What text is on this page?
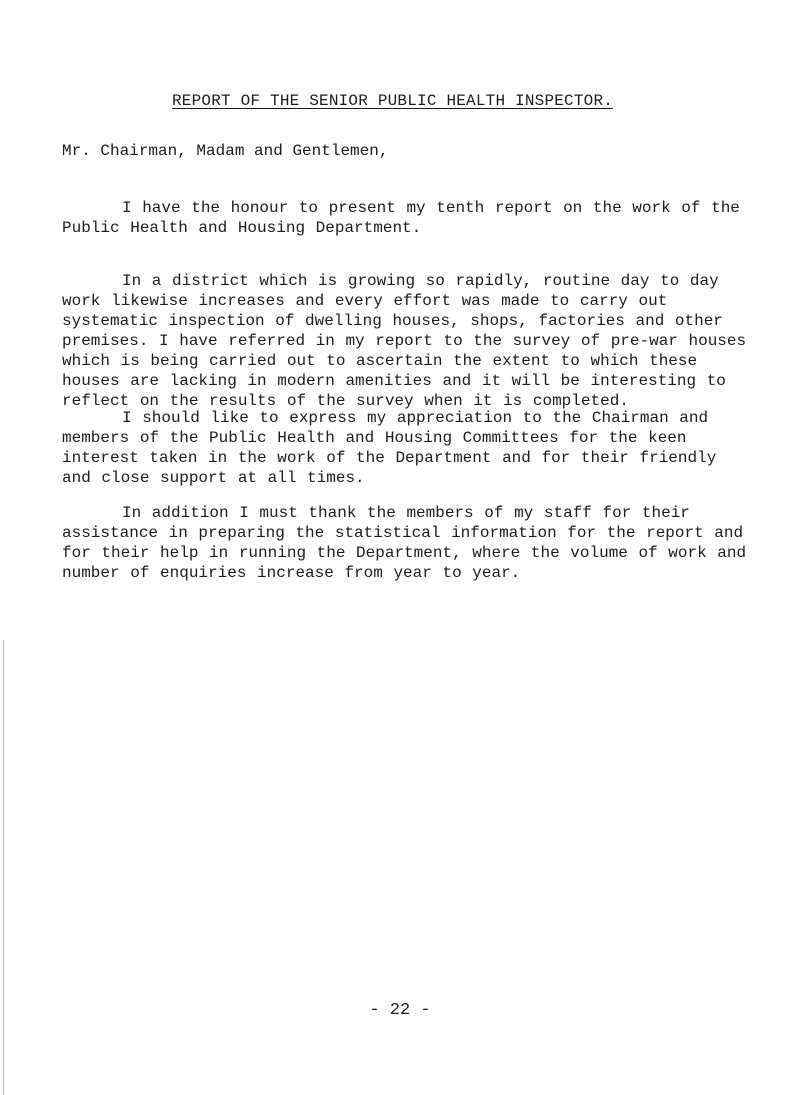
REPORT OF THE SENIOR PUBLIC HEALTH INSPECTOR.

Mr. Chairman, Madam and Gentlemen,

I have the honour to present my tenth report on the work of the Public Health and Housing Department.

In a district which is growing so rapidly, routine day to day work likewise increases and every effort was made to carry out systematic inspection of dwelling houses, shops, factories and other premises. I have referred in my report to the survey of pre-war houses which is being carried out to ascertain the extent to which these houses are lacking in modern amenities and it will be interesting to reflect on the results of the survey when it is completed.

I should like to express my appreciation to the Chairman and members of the Public Health and Housing Committees for the keen interest taken in the work of the Department and for their friendly and close support at all times.

In addition I must thank the members of my staff for their assistance in preparing the statistical information for the report and for their help in running the Department, where the volume of work and number of enquiries increase from year to year.

- 22 -
